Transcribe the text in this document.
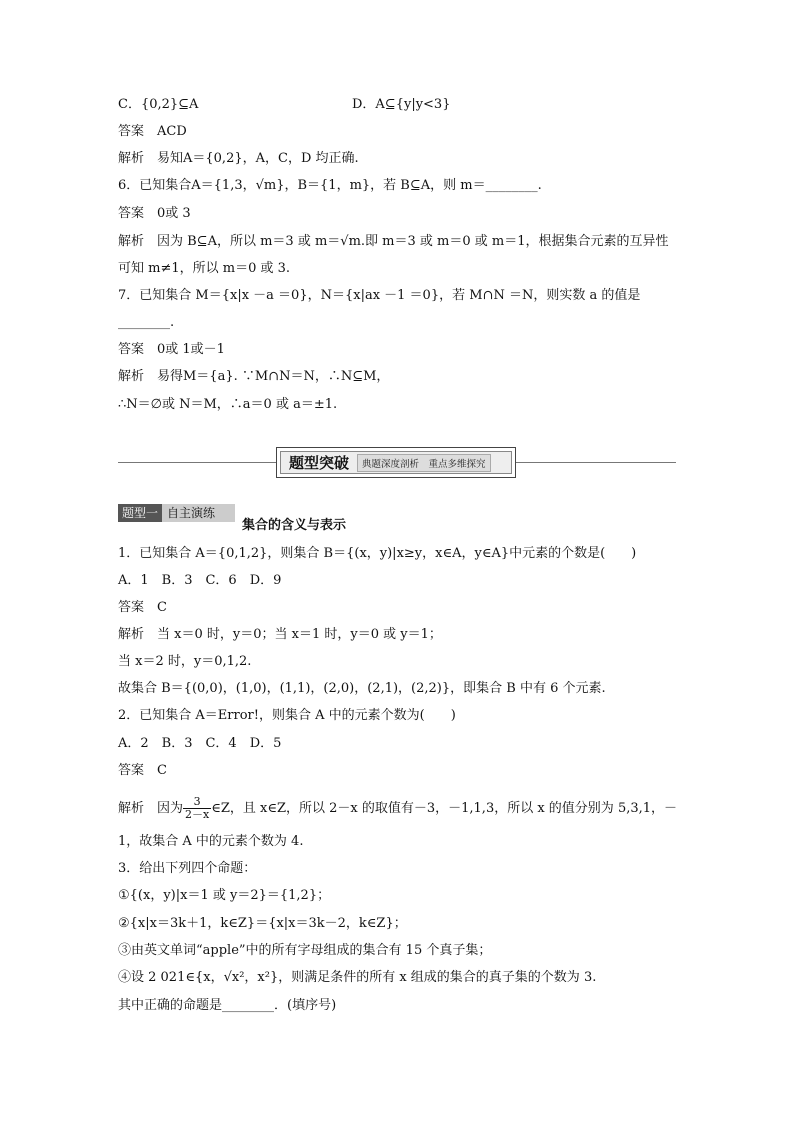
C．{0,2}⊆A	D．A⊆{y|y<3}
答案　ACD
解析　易知A＝{0,2}，A，C，D 均正确.
6．已知集合A＝{1,3，√m}，B＝{1，m}，若 B⊆A，则 m＝________.
答案　0或 3
解析　因为 B⊆A，所以 m＝3 或 m＝√m.即 m＝3 或 m＝0 或 m＝1，根据集合元素的互异性
可知 m≠1，所以 m＝0 或 3.
7．已知集合 M＝{x|x －a ＝0}，N＝{x|ax －1 ＝0}，若 M∩N ＝N，则实数 a 的值是
________.
答案　0或 1或－1
解析　易得M＝{a}. ∵M∩N＝N，∴N⊆M，
∴N＝∅或 N＝M，∴a＝0 或 a＝±1.
题型突破	典题深度剖析　重点多维探究
题型一 自主演练
集合的含义与表示
1．已知集合 A＝{0,1,2}，则集合 B＝{(x，y)|x≥y，x∈A，y∈A}中元素的个数是(　　)
A．1　B．3　C．6　D．9
答案　C
解析　当 x＝0 时，y＝0；当 x＝1 时，y＝0 或 y＝1；
当 x＝2 时，y＝0,1,2.
故集合 B＝{(0,0)，(1,0)，(1,1)，(2,0)，(2,1)，(2,2)}，即集合 B 中有 6 个元素.
2．已知集合 A＝Error!，则集合 A 中的元素个数为(　　)
A．2　B．3　C．4　D．5
答案　C
解析　因为 $\frac{3}{2-x}$ ∈Z，且 x∈Z，所以 2－x 的取值有－3，－1,1,3，所以 x 的值分别为 5,3,1，－
1，故集合 A 中的元素个数为 4.
3．给出下列四个命题：
①{(x，y)|x＝1 或 y＝2}＝{1,2}；
②{x|x＝3k＋1，k∈Z}＝{x|x＝3k－2，k∈Z}；
③由英文单词“apple”中的所有字母组成的集合有 15 个真子集；
④设 2 021∈{x，√x²，x²}，则满足条件的所有 x 组成的集合的真子集的个数为 3.
其中正确的命题是________．(填序号)
